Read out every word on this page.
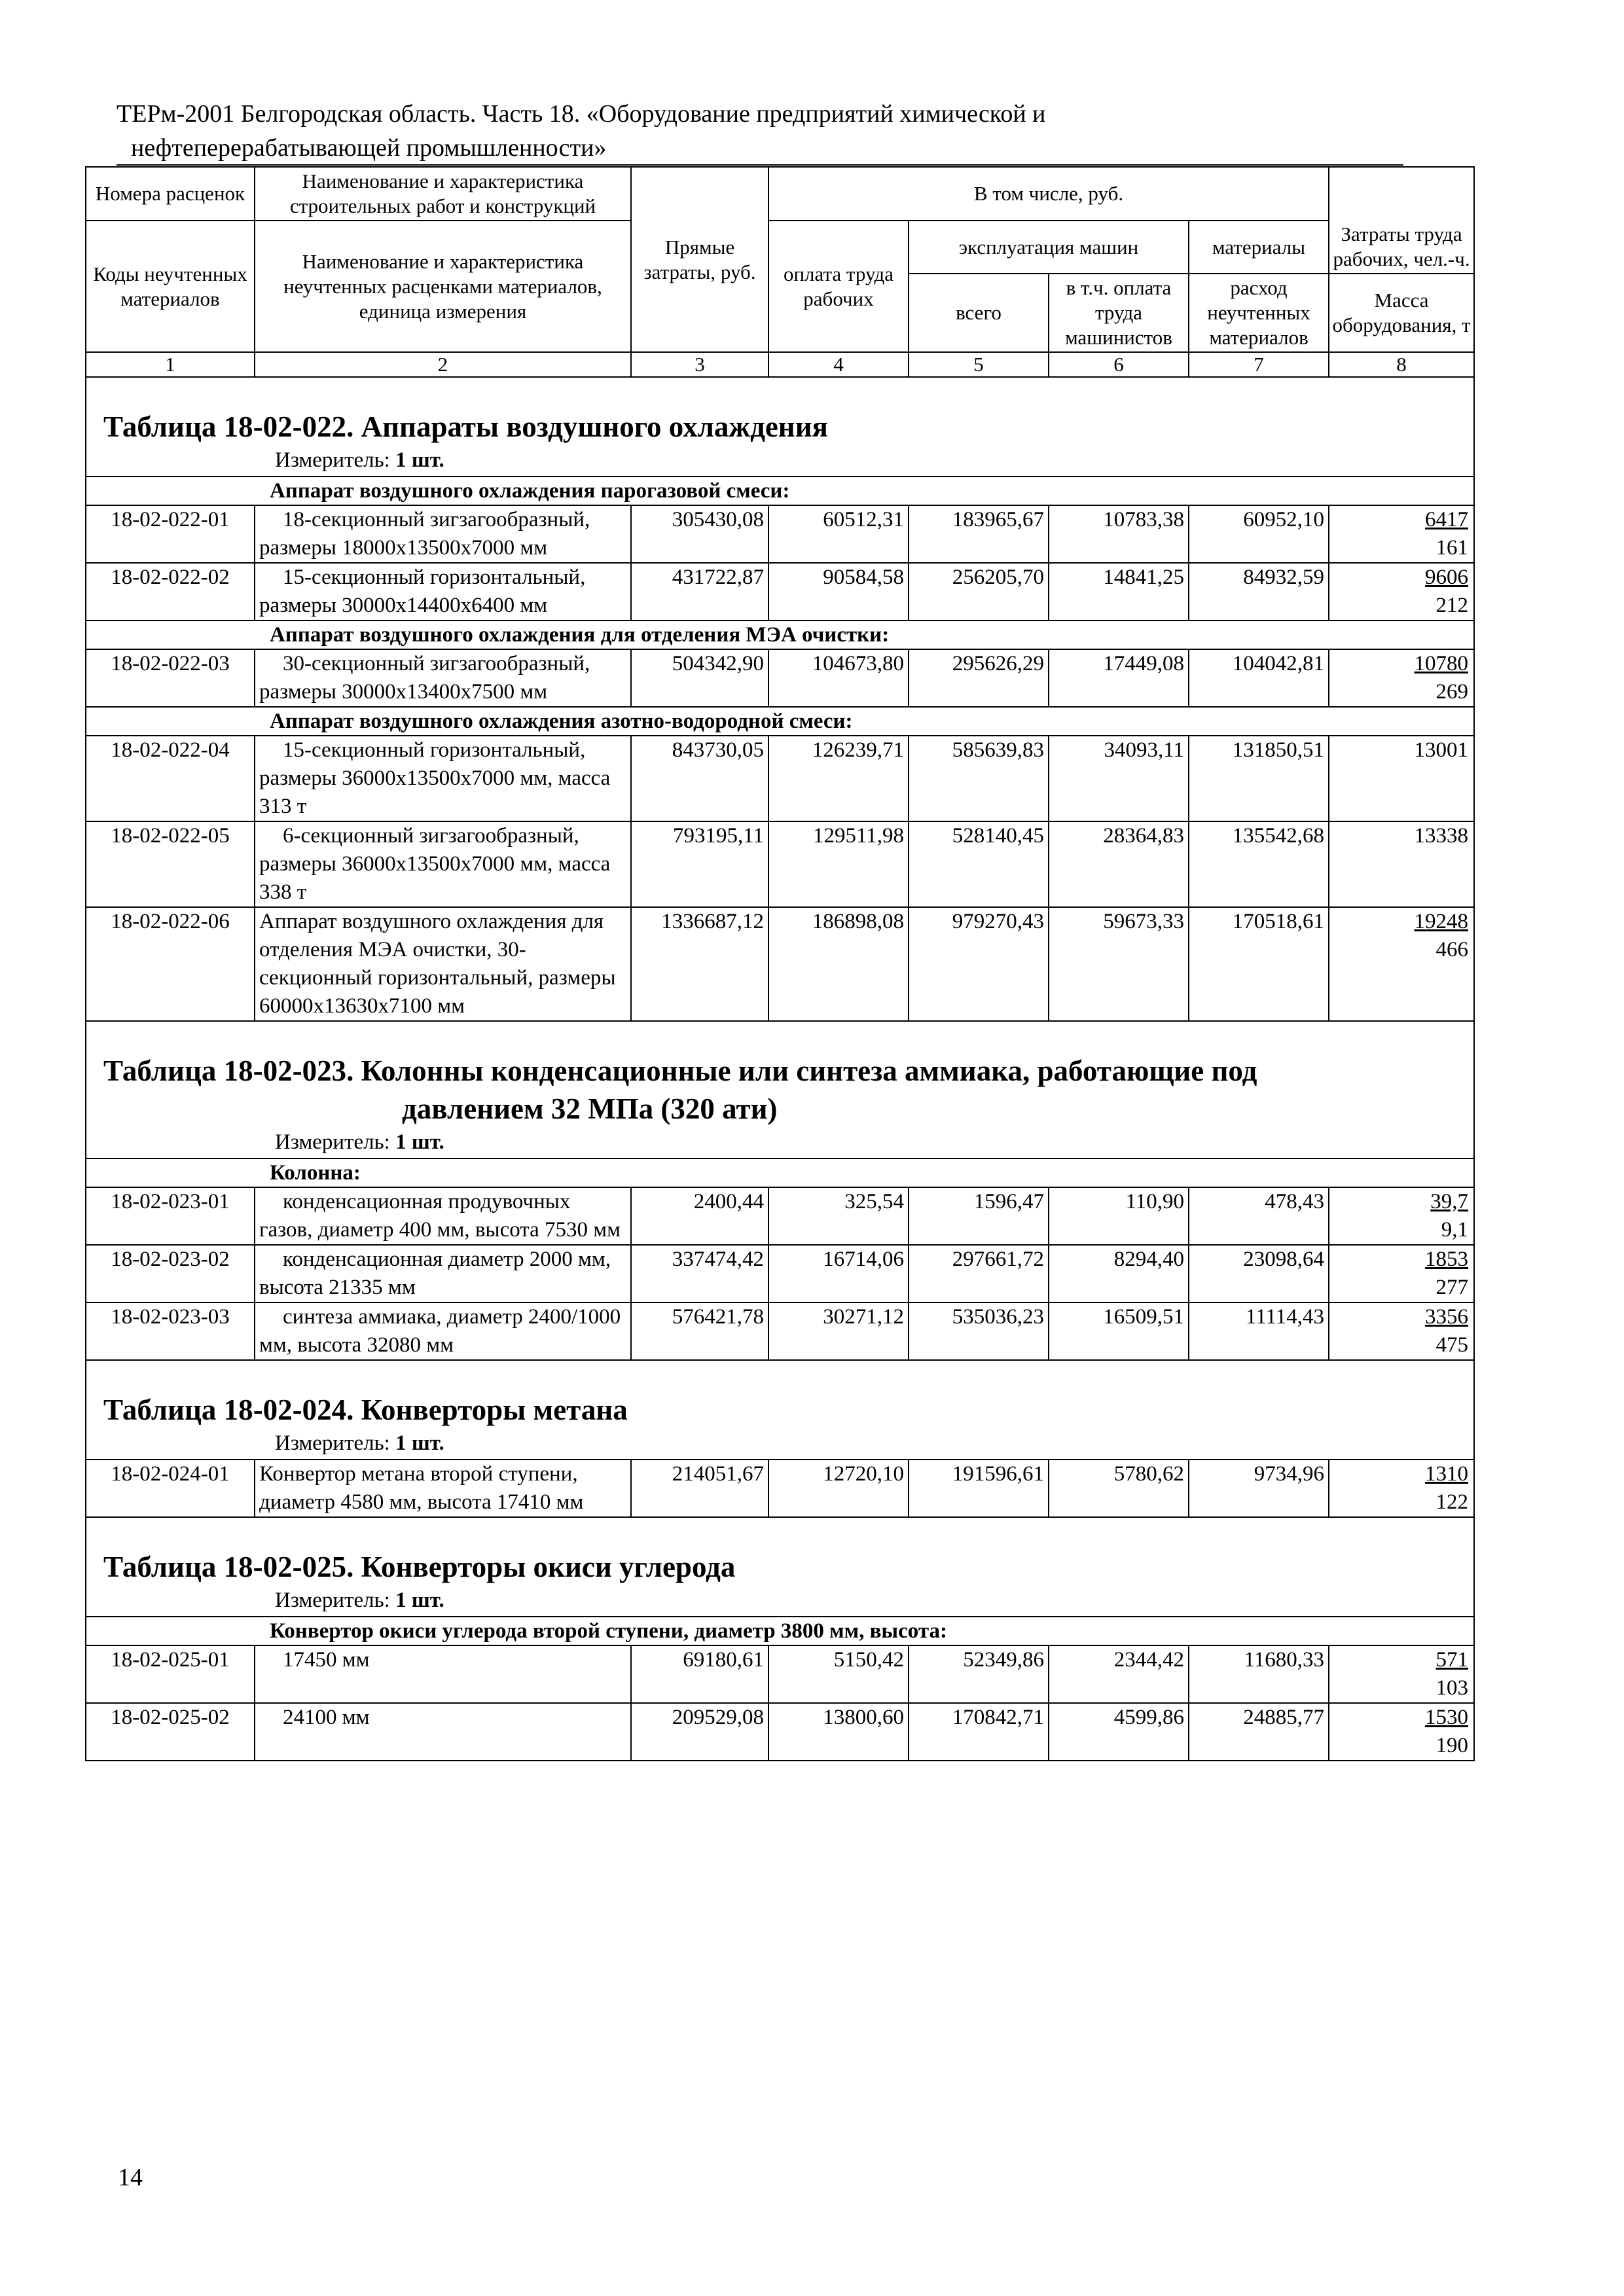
ТЕРм-2001 Белгородская область. Часть 18. «Оборудование предприятий химической и
нефтеперерабатывающей промышленности»
Номера расценок	Наименование и характеристика строительных работ и конструкций	Прямые затраты, руб.	В том числе, руб.				
Коды неучтенных материалов	Наименование и характеристика неучтенных расценками материалов, единица измерения		оплата труда рабочих	эксплуатация машин		материалы	Затраты труда рабочих, чел.-ч.
				всего	в т.ч. оплата труда машинистов	расход неучтенных материалов	Масса оборудования, т
1	2	3	4	5	6	7	8

Таблица 18-02-022. Аппараты воздушного охлаждения
Измеритель: 1 шт.							

Аппарат воздушного охлаждения парогазовой смеси:							
18-02-022-01	18-секционный зигзагообразный, размеры 18000х13500х7000 мм	305430,08	60512,31	183965,67	10783,38	60952,10	6417
161

18-02-022-02	15-секционный горизонтальный, размеры 30000х14400х6400 мм	431722,87	90584,58	256205,70	14841,25	84932,59	9606
212

Аппарат воздушного охлаждения для отделения МЭА очистки:							
18-02-022-03	30-секционный зигзагообразный, размеры 30000х13400х7500 мм	504342,90	104673,80	295626,29	17449,08	104042,81	10780
269

Аппарат воздушного охлаждения азотно-водородной смеси:							
18-02-022-04	15-секционный горизонтальный, размеры 36000х13500х7000 мм, масса 313 т	843730,05	126239,71	585639,83	34093,11	131850,51	13001

18-02-022-05	6-секционный зигзагообразный, размеры 36000х13500х7000 мм, масса 338 т	793195,11	129511,98	528140,45	28364,83	135542,68	13338

18-02-022-06	Аппарат воздушного охлаждения для отделения МЭА очистки, 30-секционный горизонтальный, размеры 60000х13630х7100 мм	1336687,12	186898,08	979270,43	59673,33	170518,61	19248
466

Таблица 18-02-023. Колонны конденсационные или синтеза аммиака, работающие под
давлением 32 МПа (320 ати)
Измеритель: 1 шт.							

Колонна:							
18-02-023-01	конденсационная продувочных газов, диаметр 400 мм, высота 7530 мм	2400,44	325,54	1596,47	110,90	478,43	39,7
9,1

18-02-023-02	конденсационная диаметр 2000 мм, высота 21335 мм	337474,42	16714,06	297661,72	8294,40	23098,64	1853
277

18-02-023-03	синтеза аммиака, диаметр 2400/1000 мм, высота 32080 мм	576421,78	30271,12	535036,23	16509,51	11114,43	3356
475

Таблица 18-02-024. Конверторы метана
Измеритель: 1 шт.							

18-02-024-01	Конвертор метана второй ступени, диаметр 4580 мм, высота 17410 мм	214051,67	12720,10	191596,61	5780,62	9734,96	1310
122

Таблица 18-02-025. Конверторы окиси углерода
Измеритель: 1 шт.							

Конвертор окиси углерода второй ступени, диаметр 3800 мм, высота:							
18-02-025-01	17450 мм	69180,61	5150,42	52349,86	2344,42	11680,33	571
103

18-02-025-02	24100 мм	209529,08	13800,60	170842,71	4599,86	24885,77	1530
190
14
